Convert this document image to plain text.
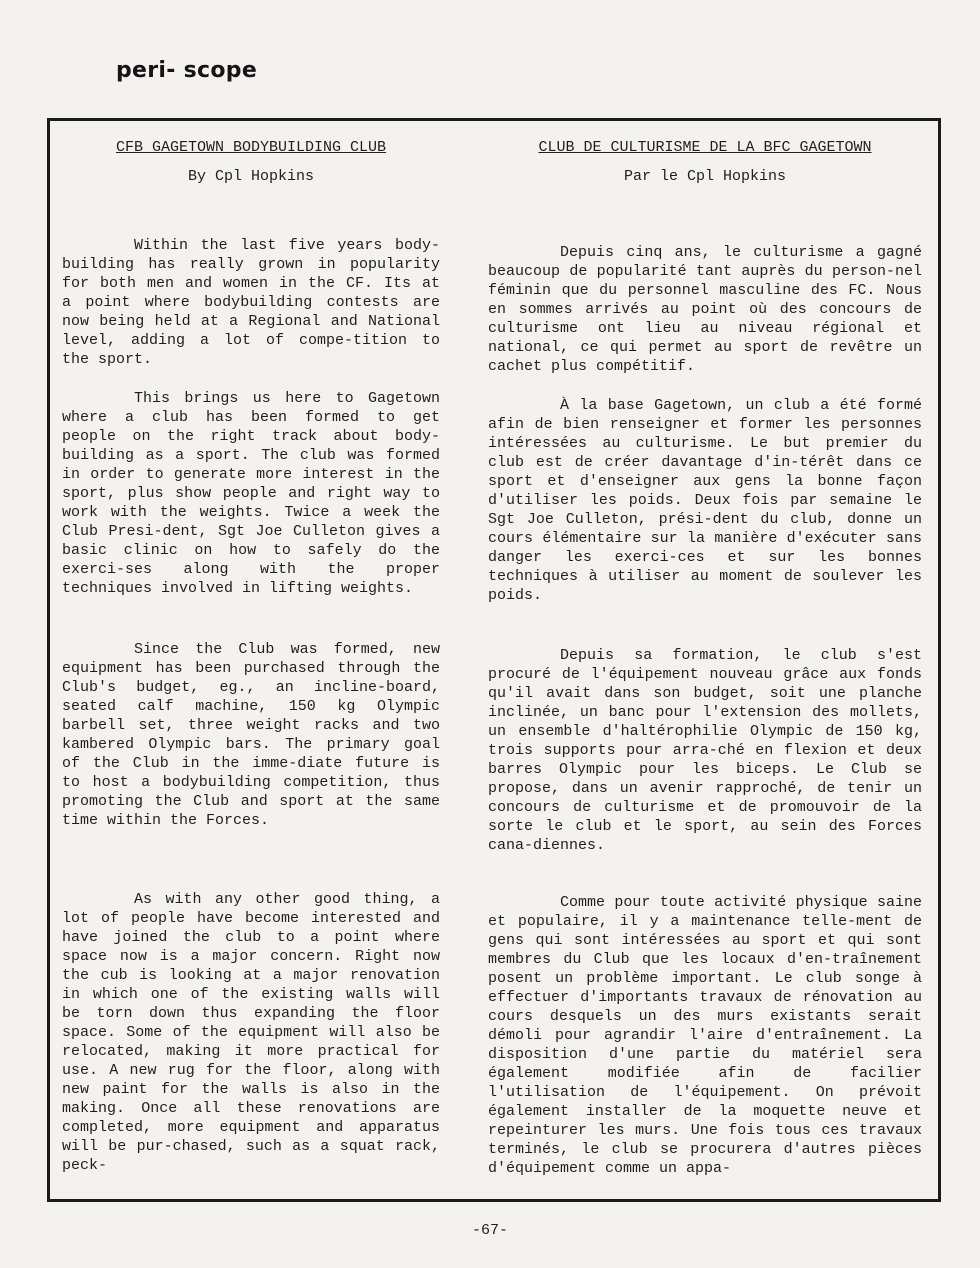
peri- scope

CFB GAGETOWN BODYBUILDING CLUB

By Cpl Hopkins

Within the last five years body-building has really grown in popularity for both men and women in the CF. Its at a point where bodybuilding contests are now being held at a Regional and National level, adding a lot of compe-tition to the sport.

This brings us here to Gagetown where a club has been formed to get people on the right track about body-building as a sport. The club was formed in order to generate more interest in the sport, plus show people and right way to work with the weights. Twice a week the Club Presi-dent, Sgt Joe Culleton gives a basic clinic on how to safely do the exerci-ses along with the proper techniques involved in lifting weights.

Since the Club was formed, new equipment has been purchased through the Club's budget, eg., an incline-board, seated calf machine, 150 kg Olympic barbell set, three weight racks and two kambered Olympic bars. The primary goal of the Club in the imme-diate future is to host a bodybuilding competition, thus promoting the Club and sport at the same time within the Forces.

As with any other good thing, a lot of people have become interested and have joined the club to a point where space now is a major concern. Right now the cub is looking at a major renovation in which one of the existing walls will be torn down thus expanding the floor space. Some of the equipment will also be relocated, making it more practical for use. A new rug for the floor, along with new paint for the walls is also in the making. Once all these renovations are completed, more equipment and apparatus will be pur-chased, such as a squat rack, peck-

CLUB DE CULTURISME DE LA BFC GAGETOWN

Par le Cpl Hopkins

Depuis cinq ans, le culturisme a gagné beaucoup de popularité tant auprès du person-nel féminin que du personnel masculine des FC. Nous en sommes arrivés au point où des concours de culturisme ont lieu au niveau régional et national, ce qui permet au sport de revêtre un cachet plus compétitif.

À la base Gagetown, un club a été formé afin de bien renseigner et former les personnes intéressées au culturisme. Le but premier du club est de créer davantage d'in-térêt dans ce sport et d'enseigner aux gens la bonne façon d'utiliser les poids. Deux fois par semaine le Sgt Joe Culleton, prési-dent du club, donne un cours élémentaire sur la manière d'exécuter sans danger les exerci-ces et sur les bonnes techniques à utiliser au moment de soulever les poids.

Depuis sa formation, le club s'est procuré de l'équipement nouveau grâce aux fonds qu'il avait dans son budget, soit une planche inclinée, un banc pour l'extension des mollets, un ensemble d'haltérophilie Olympic de 150 kg, trois supports pour arra-ché en flexion et deux barres Olympic pour les biceps. Le Club se propose, dans un avenir rapproché, de tenir un concours de culturisme et de promouvoir de la sorte le club et le sport, au sein des Forces cana-diennes.

Comme pour toute activité physique saine et populaire, il y a maintenance telle-ment de gens qui sont intéressées au sport et qui sont membres du Club que les locaux d'en-traînement posent un problème important. Le club songe à effectuer d'importants travaux de rénovation au cours desquels un des murs existants serait démoli pour agrandir l'aire d'entraînement. La disposition d'une partie du matériel sera également modifiée afin de facilier l'utilisation de l'équipement. On prévoit également installer de la moquette neuve et repeinturer les murs. Une fois tous ces travaux terminés, le club se procurera d'autres pièces d'équipement comme un appa-

-67-
